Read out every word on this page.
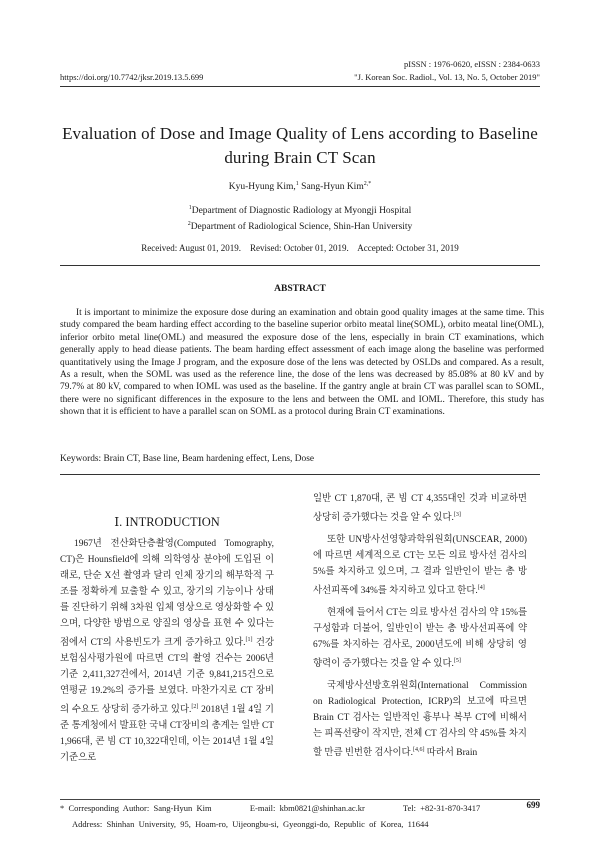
pISSN : 1976-0620, eISSN : 2384-0633
https://doi.org/10.7742/jksr.2019.13.5.699	"J. Korean Soc. Radiol., Vol. 13, No. 5, October 2019"
Evaluation of Dose and Image Quality of Lens according to Baseline
during Brain CT Scan
Kyu-Hyung Kim,$^1$ Sang-Hyun Kim$^{2,*}$
$^1$Department of Diagnostic Radiology at Myongji Hospital
$^2$Department of Radiological Science, Shin-Han University
Received: August 01, 2019.    Revised: October 01, 2019.    Accepted: October 31, 2019
ABSTRACT
It is important to minimize the exposure dose during an examination and obtain good quality images at the same time. This study compared the beam harding effect according to the baseline superior orbito meatal line(SOML), orbito meatal line(OML), inferior orbito metal line(OML) and measured the exposure dose of the lens, especially in brain CT examinations, which generally apply to head diease patients. The beam harding effect assessment of each image along the baseline was performed quantitatively using the Image J program, and the exposure dose of the lens was detected by OSLDs and compared. As a result, As a result, when the SOML was used as the reference line, the dose of the lens was decreased by 85.08% at 80 kV and by 79.7% at 80 kV, compared to when IOML was used as the baseline. If the gantry angle at brain CT was parallel scan to SOML, there were no significant differences in the exposure to the lens and between the OML and IOML. Therefore, this study has shown that it is efficient to have a parallel scan on SOML as a protocol during Brain CT examinations.
Keywords: Brain CT, Base line, Beam hardening effect, Lens, Dose
Ⅰ. INTRODUCTION

1967년 전산화단층촬영(Computed Tomography, CT)은 Hounsfield에 의해 의학영상 분야에 도입된 이래로, 단순 X선 촬영과 달리 인체 장기의 해부학적 구조를 정확하게 묘출할 수 있고, 장기의 기능이나 상태를 진단하기 위해 3차원 입체 영상으로 영상화할 수 있으며, 다양한 방법으로 양질의 영상을 표현 수 있다는 점에서 CT의 사용빈도가 크게 증가하고 있다.[1] 건강보험심사평가원에 따르면 CT의 촬영 건수는 2006년 기준 2,411,327건에서, 2014년 기준 9,841,215건으로 연평균 19.2%의 증가를 보였다. 마찬가지로 CT 장비의 수요도 상당히 증가하고 있다.[2] 2018년 1월 4일 기준 통계청에서 발표한 국내 CT장비의 총계는 일반 CT 1,966대, 콘 빔 CT 10,322대인데, 이는 2014년 1월 4일 기준으로

일반 CT 1,870대, 콘 빔 CT 4,355대인 것과 비교하면 상당히 증가했다는 것을 알 수 있다.[3]

또한 UN방사선영향과학위원회(UNSCEAR, 2000)에 따르면 세계적으로 CT는 모든 의료 방사선 검사의 5%를 차지하고 있으며, 그 결과 일반인이 받는 총 방사선피폭에 34%를 차지하고 있다고 한다.[4]

현재에 들어서 CT는 의료 방사선 검사의 약 15%를 구성함과 더불어, 일반인이 받는 총 방사선피폭에 약 67%를 차지하는 검사로, 2000년도에 비해 상당히 영향력이 증가했다는 것을 알 수 있다.[5]

국제방사선방호위원회(International Commission on Radiological Protection, ICRP)의 보고에 따르면 Brain CT 검사는 일반적인 흉부나 복부 CT에 비해서는 피폭선량이 작지만, 전체 CT 검사의 약 45%를 차지할 만큼 빈번한 검사이다.[4,6] 따라서 Brain

699
*  Corresponding  Author:  Sang-Hyun  Kim                  E-mail:  kbm0821@shinhan.ac.kr                  Tel:  +82-31-870-3417
Address:  Shinhan  University,  95,  Hoam-ro,  Uijeongbu-si,  Gyeonggi-do,  Republic  of  Korea,  11644
